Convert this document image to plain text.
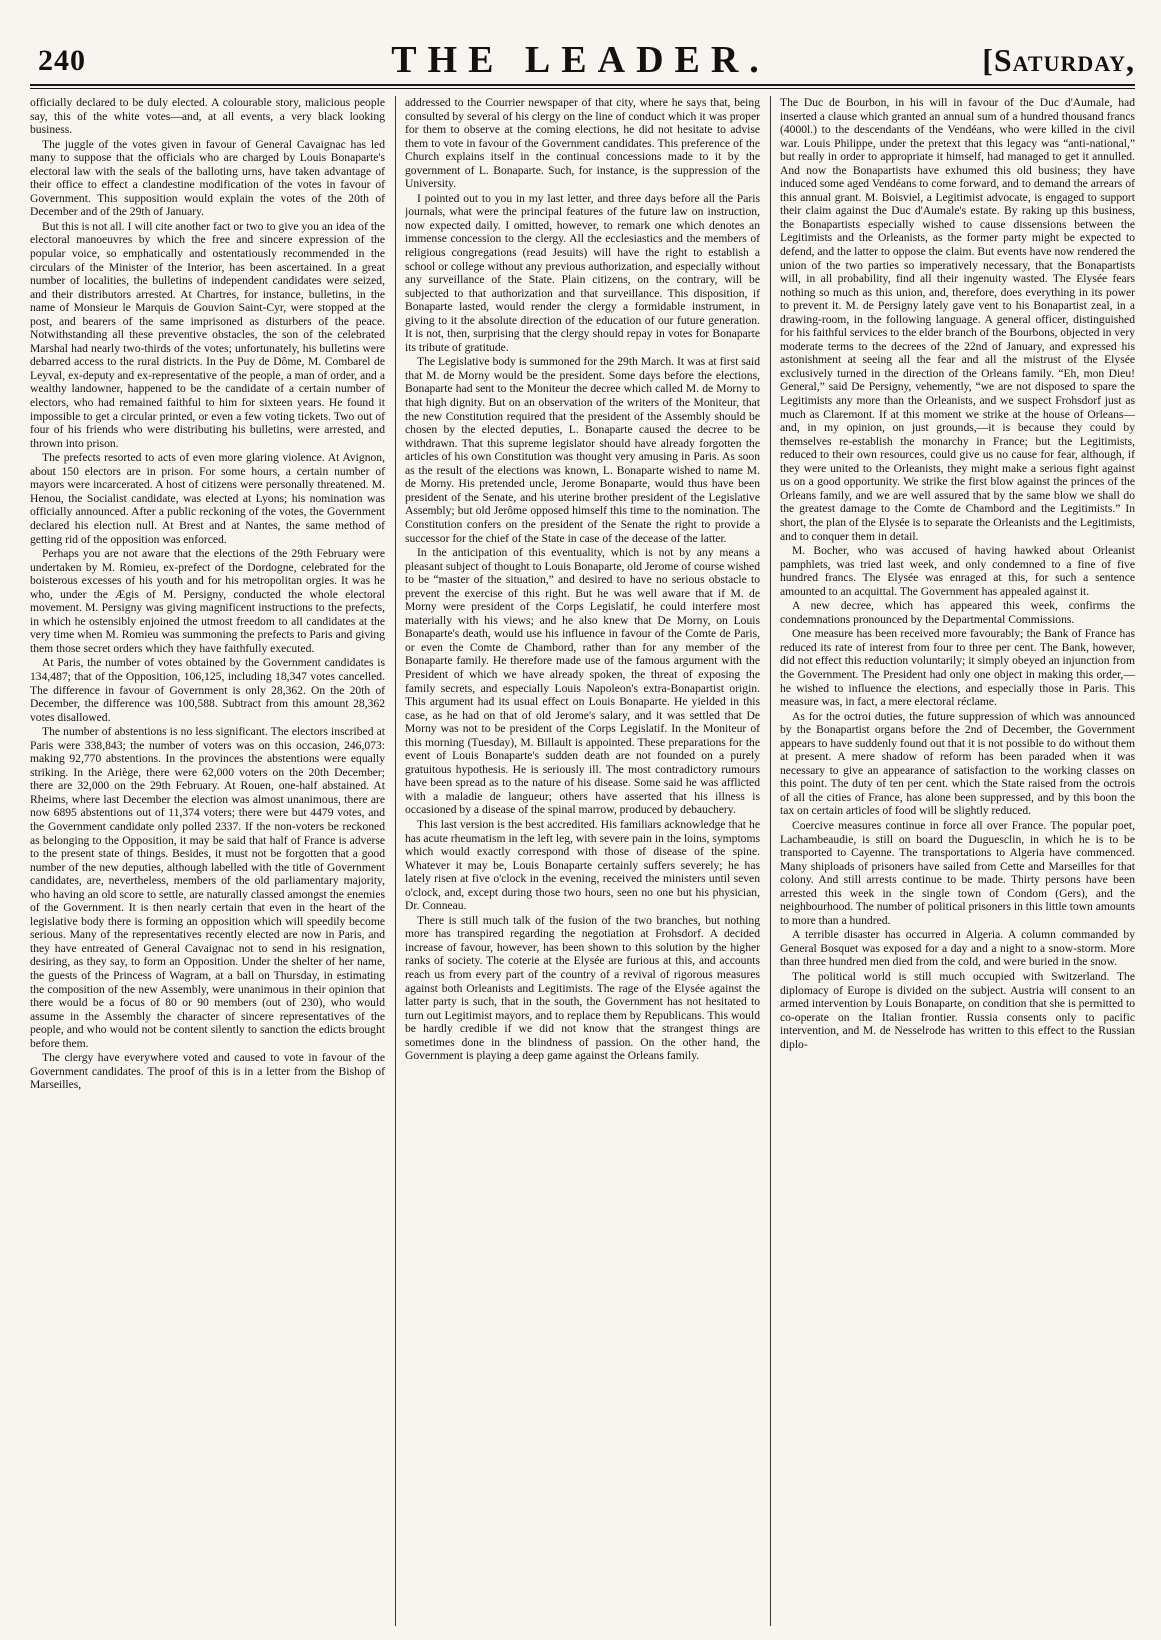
240	THE LEADER.	[Saturday,

officially declared to be duly elected. A colourable story, malicious people say, this of the white votes—and, at all events, a very black looking business.

The juggle of the votes given in favour of General Cavaignac has led many to suppose that the officials who are charged by Louis Bonaparte's electoral law with the seals of the balloting urns, have taken advantage of their office to effect a clandestine modification of the votes in favour of Government. This supposition would explain the votes of the 20th of December and of the 29th of January.

But this is not all. I will cite another fact or two to give you an idea of the electoral manoeuvres by which the free and sincere expression of the popular voice, so emphatically and ostentatiously recommended in the circulars of the Minister of the Interior, has been ascertained. In a great number of localities, the bulletins of independent candidates were seized, and their distributors arrested. At Chartres, for instance, bulletins, in the name of Monsieur le Marquis de Gouvion Saint-Cyr, were stopped at the post, and bearers of the same imprisoned as disturbers of the peace. Notwithstanding all these preventive obstacles, the son of the celebrated Marshal had nearly two-thirds of the votes; unfortunately, his bulletins were debarred access to the rural districts. In the Puy de Dôme, M. Combarel de Leyval, ex-deputy and ex-representative of the people, a man of order, and a wealthy landowner, happened to be the candidate of a certain number of electors, who had remained faithful to him for sixteen years. He found it impossible to get a circular printed, or even a few voting tickets. Two out of four of his friends who were distributing his bulletins, were arrested, and thrown into prison.

The prefects resorted to acts of even more glaring violence. At Avignon, about 150 electors are in prison. For some hours, a certain number of mayors were incarcerated. A host of citizens were personally threatened. M. Henou, the Socialist candidate, was elected at Lyons; his nomination was officially announced. After a public reckoning of the votes, the Government declared his election null. At Brest and at Nantes, the same method of getting rid of the opposition was enforced.

Perhaps you are not aware that the elections of the 29th February were undertaken by M. Romieu, ex-prefect of the Dordogne, celebrated for the boisterous excesses of his youth and for his metropolitan orgies. It was he who, under the Ægis of M. Persigny, conducted the whole electoral movement. M. Persigny was giving magnificent instructions to the prefects, in which he ostensibly enjoined the utmost freedom to all candidates at the very time when M. Romieu was summoning the prefects to Paris and giving them those secret orders which they have faithfully executed.

At Paris, the number of votes obtained by the Government candidates is 134,487; that of the Opposition, 106,125, including 18,347 votes cancelled. The difference in favour of Government is only 28,362. On the 20th of December, the difference was 100,588. Subtract from this amount 28,362 votes disallowed.

The number of abstentions is no less significant. The electors inscribed at Paris were 338,843; the number of voters was on this occasion, 246,073: making 92,770 abstentions. In the provinces the abstentions were equally striking. In the Ariège, there were 62,000 voters on the 20th December; there are 32,000 on the 29th February. At Rouen, one-half abstained. At Rheims, where last December the election was almost unanimous, there are now 6895 abstentions out of 11,374 voters; there were but 4479 votes, and the Government candidate only polled 2337. If the non-voters be reckoned as belonging to the Opposition, it may be said that half of France is adverse to the present state of things. Besides, it must not be forgotten that a good number of the new deputies, although labelled with the title of Government candidates, are, nevertheless, members of the old parliamentary majority, who having an old score to settle, are naturally classed amongst the enemies of the Government. It is then nearly certain that even in the heart of the legislative body there is forming an opposition which will speedily become serious. Many of the representatives recently elected are now in Paris, and they have entreated of General Cavaignac not to send in his resignation, desiring, as they say, to form an Opposition. Under the shelter of her name, the guests of the Princess of Wagram, at a ball on Thursday, in estimating the composition of the new Assembly, were unanimous in their opinion that there would be a focus of 80 or 90 members (out of 230), who would assume in the Assembly the character of sincere representatives of the people, and who would not be content silently to sanction the edicts brought before them.

The clergy have everywhere voted and caused to vote in favour of the Government candidates. The proof of this is in a letter from the Bishop of Marseilles,

addressed to the Courrier newspaper of that city, where he says that, being consulted by several of his clergy on the line of conduct which it was proper for them to observe at the coming elections, he did not hesitate to advise them to vote in favour of the Government candidates. This preference of the Church explains itself in the continual concessions made to it by the government of L. Bonaparte. Such, for instance, is the suppression of the University.

I pointed out to you in my last letter, and three days before all the Paris journals, what were the principal features of the future law on instruction, now expected daily. I omitted, however, to remark one which denotes an immense concession to the clergy. All the ecclesiastics and the members of religious congregations (read Jesuits) will have the right to establish a school or college without any previous authorization, and especially without any surveillance of the State. Plain citizens, on the contrary, will be subjected to that authorization and that surveillance. This disposition, if Bonaparte lasted, would render the clergy a formidable instrument, in giving to it the absolute direction of the education of our future generation. It is not, then, surprising that the clergy should repay in votes for Bonaparte its tribute of gratitude.

The Legislative body is summoned for the 29th March. It was at first said that M. de Morny would be the president. Some days before the elections, Bonaparte had sent to the Moniteur the decree which called M. de Morny to that high dignity. But on an observation of the writers of the Moniteur, that the new Constitution required that the president of the Assembly should be chosen by the elected deputies, L. Bonaparte caused the decree to be withdrawn. That this supreme legislator should have already forgotten the articles of his own Constitution was thought very amusing in Paris. As soon as the result of the elections was known, L. Bonaparte wished to name M. de Morny. His pretended uncle, Jerome Bonaparte, would thus have been president of the Senate, and his uterine brother president of the Legislative Assembly; but old Jerôme opposed himself this time to the nomination. The Constitution confers on the president of the Senate the right to provide a successor for the chief of the State in case of the decease of the latter.

In the anticipation of this eventuality, which is not by any means a pleasant subject of thought to Louis Bonaparte, old Jerome of course wished to be “master of the situation,” and desired to have no serious obstacle to prevent the exercise of this right. But he was well aware that if M. de Morny were president of the Corps Legislatif, he could interfere most materially with his views; and he also knew that De Morny, on Louis Bonaparte's death, would use his influence in favour of the Comte de Paris, or even the Comte de Chambord, rather than for any member of the Bonaparte family. He therefore made use of the famous argument with the President of which we have already spoken, the threat of exposing the family secrets, and especially Louis Napoleon's extra-Bonapartist origin. This argument had its usual effect on Louis Bonaparte. He yielded in this case, as he had on that of old Jerome's salary, and it was settled that De Morny was not to be president of the Corps Legislatif. In the Moniteur of this morning (Tuesday), M. Billault is appointed. These preparations for the event of Louis Bonaparte's sudden death are not founded on a purely gratuitous hypothesis. He is seriously ill. The most contradictory rumours have been spread as to the nature of his disease. Some said he was afflicted with a maladie de langueur; others have asserted that his illness is occasioned by a disease of the spinal marrow, produced by debauchery.

This last version is the best accredited. His familiars acknowledge that he has acute rheumatism in the left leg, with severe pain in the loins, symptoms which would exactly correspond with those of disease of the spine. Whatever it may be, Louis Bonaparte certainly suffers severely; he has lately risen at five o'clock in the evening, received the ministers until seven o'clock, and, except during those two hours, seen no one but his physician, Dr. Conneau.

There is still much talk of the fusion of the two branches, but nothing more has transpired regarding the negotiation at Frohsdorf. A decided increase of favour, however, has been shown to this solution by the higher ranks of society. The coterie at the Elysée are furious at this, and accounts reach us from every part of the country of a revival of rigorous measures against both Orleanists and Legitimists. The rage of the Elysée against the latter party is such, that in the south, the Government has not hesitated to turn out Legitimist mayors, and to replace them by Republicans. This would be hardly credible if we did not know that the strangest things are sometimes done in the blindness of passion. On the other hand, the Government is playing a deep game against the Orleans family.

The Duc de Bourbon, in his will in favour of the Duc d'Aumale, had inserted a clause which granted an annual sum of a hundred thousand francs (4000l.) to the descendants of the Vendéans, who were killed in the civil war. Louis Philippe, under the pretext that this legacy was “anti-national,” but really in order to appropriate it himself, had managed to get it annulled. And now the Bonapartists have exhumed this old business; they have induced some aged Vendéans to come forward, and to demand the arrears of this annual grant. M. Boisviel, a Legitimist advocate, is engaged to support their claim against the Duc d'Aumale's estate. By raking up this business, the Bonapartists especially wished to cause dissensions between the Legitimists and the Orleanists, as the former party might be expected to defend, and the latter to oppose the claim. But events have now rendered the union of the two parties so imperatively necessary, that the Bonapartists will, in all probability, find all their ingenuity wasted. The Elysée fears nothing so much as this union, and, therefore, does everything in its power to prevent it. M. de Persigny lately gave vent to his Bonapartist zeal, in a drawing-room, in the following language. A general officer, distinguished for his faithful services to the elder branch of the Bourbons, objected in very moderate terms to the decrees of the 22nd of January, and expressed his astonishment at seeing all the fear and all the mistrust of the Elysée exclusively turned in the direction of the Orleans family. “Eh, mon Dieu! General,” said De Persigny, vehemently, “we are not disposed to spare the Legitimists any more than the Orleanists, and we suspect Frohsdorf just as much as Claremont. If at this moment we strike at the house of Orleans—and, in my opinion, on just grounds,—it is because they could by themselves re-establish the monarchy in France; but the Legitimists, reduced to their own resources, could give us no cause for fear, although, if they were united to the Orleanists, they might make a serious fight against us on a good opportunity. We strike the first blow against the princes of the Orleans family, and we are well assured that by the same blow we shall do the greatest damage to the Comte de Chambord and the Legitimists.” In short, the plan of the Elysée is to separate the Orleanists and the Legitimists, and to conquer them in detail.

M. Bocher, who was accused of having hawked about Orleanist pamphlets, was tried last week, and only condemned to a fine of five hundred francs. The Elysée was enraged at this, for such a sentence amounted to an acquittal. The Government has appealed against it.

A new decree, which has appeared this week, confirms the condemnations pronounced by the Departmental Commissions.

One measure has been received more favourably; the Bank of France has reduced its rate of interest from four to three per cent. The Bank, however, did not effect this reduction voluntarily; it simply obeyed an injunction from the Government. The President had only one object in making this order,—he wished to influence the elections, and especially those in Paris. This measure was, in fact, a mere electoral réclame.

As for the octroi duties, the future suppression of which was announced by the Bonapartist organs before the 2nd of December, the Government appears to have suddenly found out that it is not possible to do without them at present. A mere shadow of reform has been paraded when it was necessary to give an appearance of satisfaction to the working classes on this point. The duty of ten per cent. which the State raised from the octrois of all the cities of France, has alone been suppressed, and by this boon the tax on certain articles of food will be slightly reduced.

Coercive measures continue in force all over France. The popular poet, Lachambeaudie, is still on board the Duguesclin, in which he is to be transported to Cayenne. The transportations to Algeria have commenced. Many shiploads of prisoners have sailed from Cette and Marseilles for that colony. And still arrests continue to be made. Thirty persons have been arrested this week in the single town of Condom (Gers), and the neighbourhood. The number of political prisoners in this little town amounts to more than a hundred.

A terrible disaster has occurred in Algeria. A column commanded by General Bosquet was exposed for a day and a night to a snow-storm. More than three hundred men died from the cold, and were buried in the snow.

The political world is still much occupied with Switzerland. The diplomacy of Europe is divided on the subject. Austria will consent to an armed intervention by Louis Bonaparte, on condition that she is permitted to co-operate on the Italian frontier. Russia consents only to pacific intervention, and M. de Nesselrode has written to this effect to the Russian diplo-
